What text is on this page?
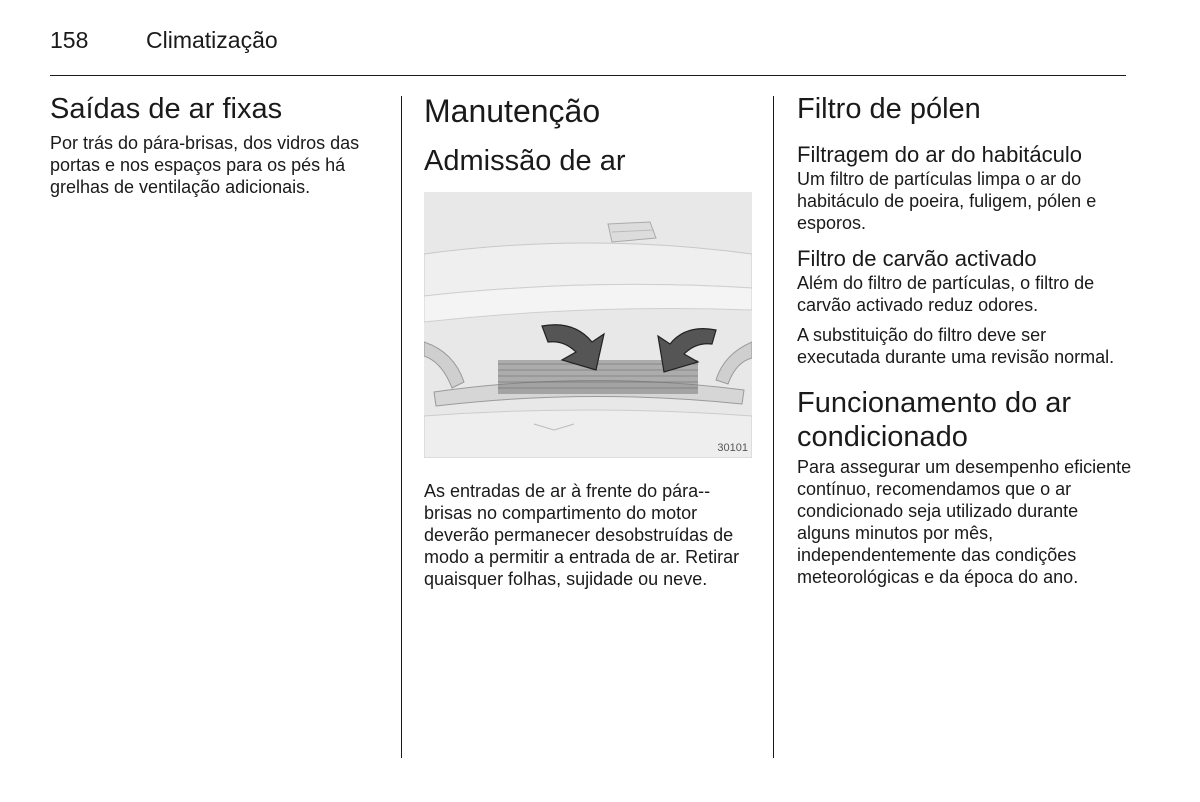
158	Climatização
Saídas de ar fixas

Por trás do pára-brisas, dos vidros das portas e nos espaços para os pés há grelhas de ventilação adicionais.

Manutenção
Admissão de ar
30101

As entradas de ar à frente do pára--brisas no compartimento do motor deverão permanecer desobstruídas de modo a permitir a entrada de ar. Retirar quaisquer folhas, sujidade ou neve.

Filtro de pólen
Filtragem do ar do habitáculo

Um filtro de partículas limpa o ar do habitáculo de poeira, fuligem, pólen e esporos.

Filtro de carvão activado

Além do filtro de partículas, o filtro de carvão activado reduz odores.

A substituição do filtro deve ser executada durante uma revisão normal.

Funcionamento do ar condicionado

Para assegurar um desempenho eficiente contínuo, recomendamos que o ar condicionado seja utilizado durante alguns minutos por mês, independentemente das condições meteorológicas e da época do ano.
